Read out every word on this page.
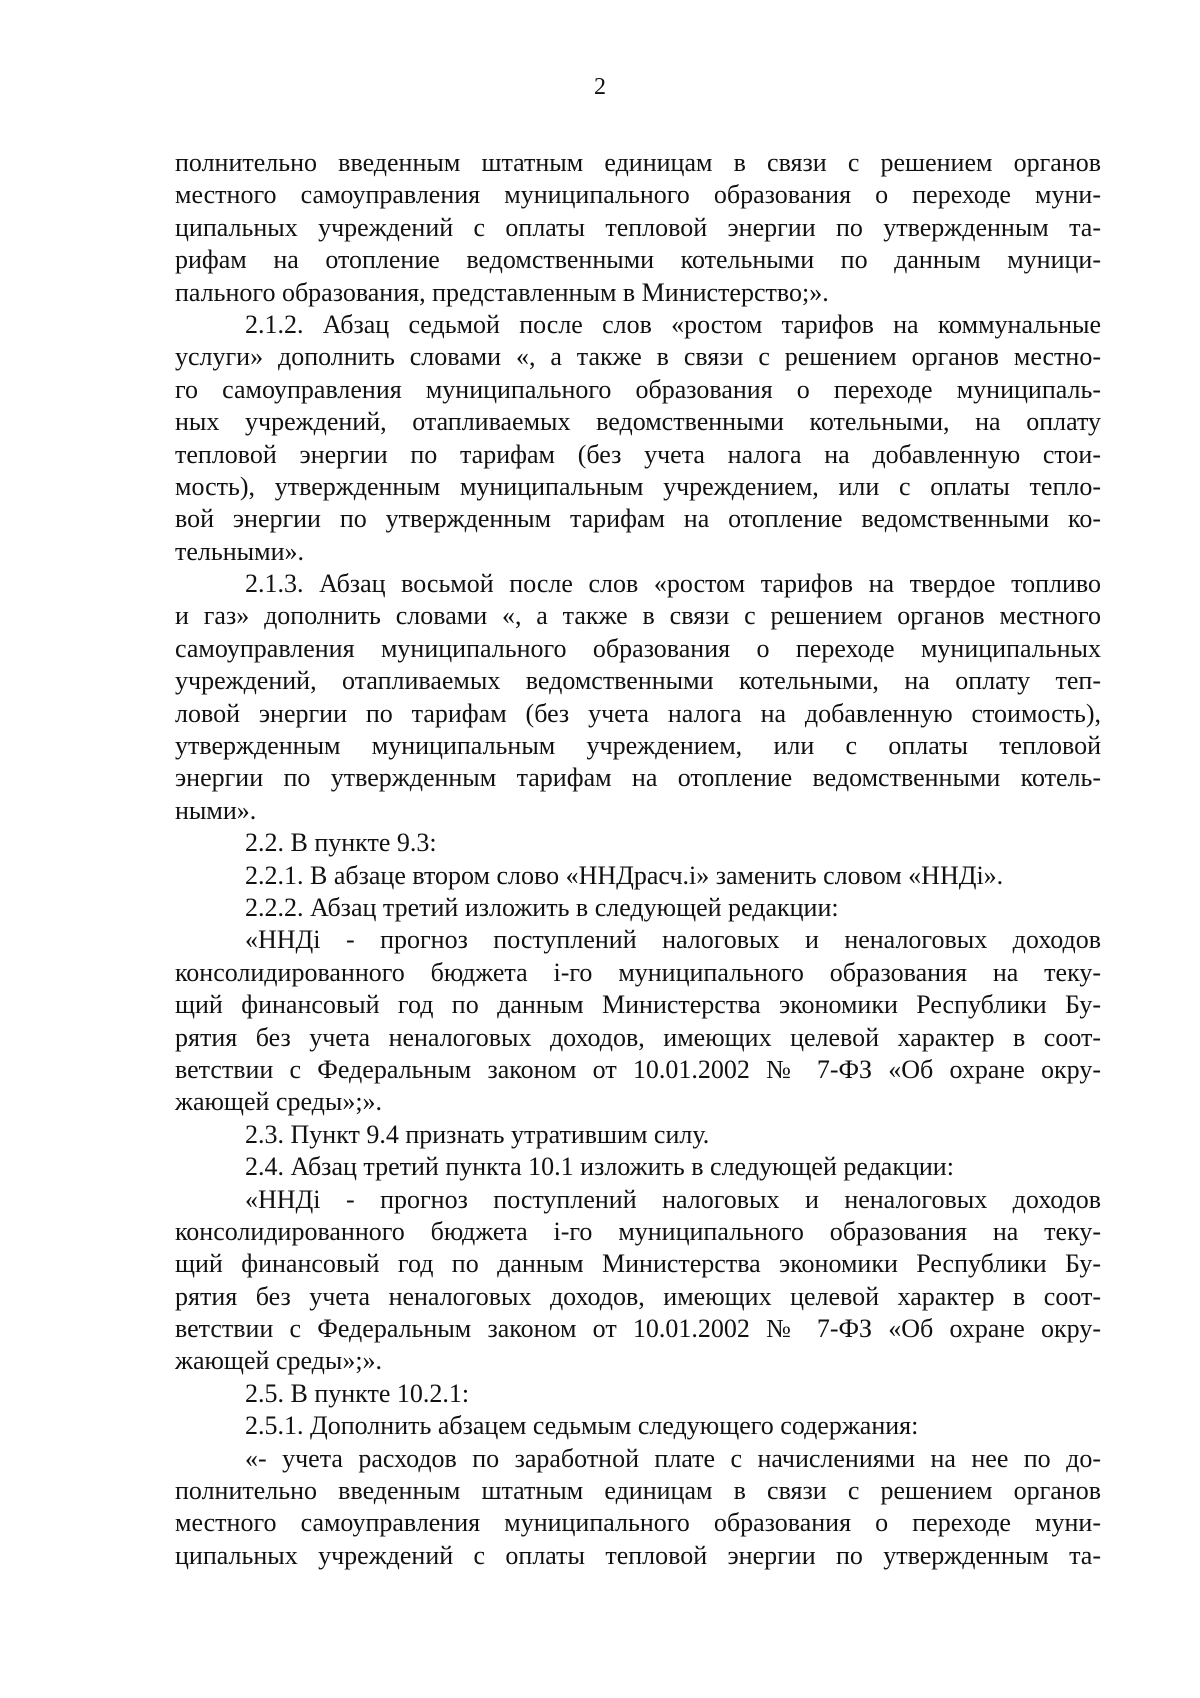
2
полнительно введенным штатным единицам в связи с решением органов
местного самоуправления муниципального образования о переходе муни-
ципальных учреждений с оплаты тепловой энергии по утвержденным та-
рифам на отопление ведомственными котельными по данным муници-
пального образования, представленным в Министерство;».
2.1.2. Абзац седьмой после слов «ростом тарифов на коммунальные
услуги» дополнить словами «, а также в связи с решением органов местно-
го самоуправления муниципального образования о переходе муниципаль-
ных учреждений, отапливаемых ведомственными котельными, на оплату
тепловой энергии по тарифам (без учета налога на добавленную стои-
мость), утвержденным муниципальным учреждением, или с оплаты тепло-
вой энергии по утвержденным тарифам на отопление ведомственными ко-
тельными».
2.1.3. Абзац восьмой после слов «ростом тарифов на твердое топливо
и газ» дополнить словами «, а также в связи с решением органов местного
самоуправления муниципального образования о переходе муниципальных
учреждений, отапливаемых ведомственными котельными, на оплату теп-
ловой энергии по тарифам (без учета налога на добавленную стоимость),
утвержденным муниципальным учреждением, или с оплаты тепловой
энергии по утвержденным тарифам на отопление ведомственными котель-
ными».
2.2. В пункте 9.3:
2.2.1. В абзаце втором слово «ННДрасч.i» заменить словом «ННДi».
2.2.2. Абзац третий изложить в следующей редакции:
«ННДi - прогноз поступлений налоговых и неналоговых доходов
консолидированного бюджета i-го муниципального образования на теку-
щий финансовый год по данным Министерства экономики Республики Бу-
рятия без учета неналоговых доходов, имеющих целевой характер в соот-
ветствии с Федеральным законом от 10.01.2002 № 7-ФЗ «Об охране окру-
жающей среды»;».
2.3. Пункт 9.4 признать утратившим силу.
2.4. Абзац третий пункта 10.1 изложить в следующей редакции:
«ННДi - прогноз поступлений налоговых и неналоговых доходов
консолидированного бюджета i-го муниципального образования на теку-
щий финансовый год по данным Министерства экономики Республики Бу-
рятия без учета неналоговых доходов, имеющих целевой характер в соот-
ветствии с Федеральным законом от 10.01.2002 № 7-ФЗ «Об охране окру-
жающей среды»;».
2.5. В пункте 10.2.1:
2.5.1. Дополнить абзацем седьмым следующего содержания:
«- учета расходов по заработной плате с начислениями на нее по до-
полнительно введенным штатным единицам в связи с решением органов
местного самоуправления муниципального образования о переходе муни-
ципальных учреждений с оплаты тепловой энергии по утвержденным та-
